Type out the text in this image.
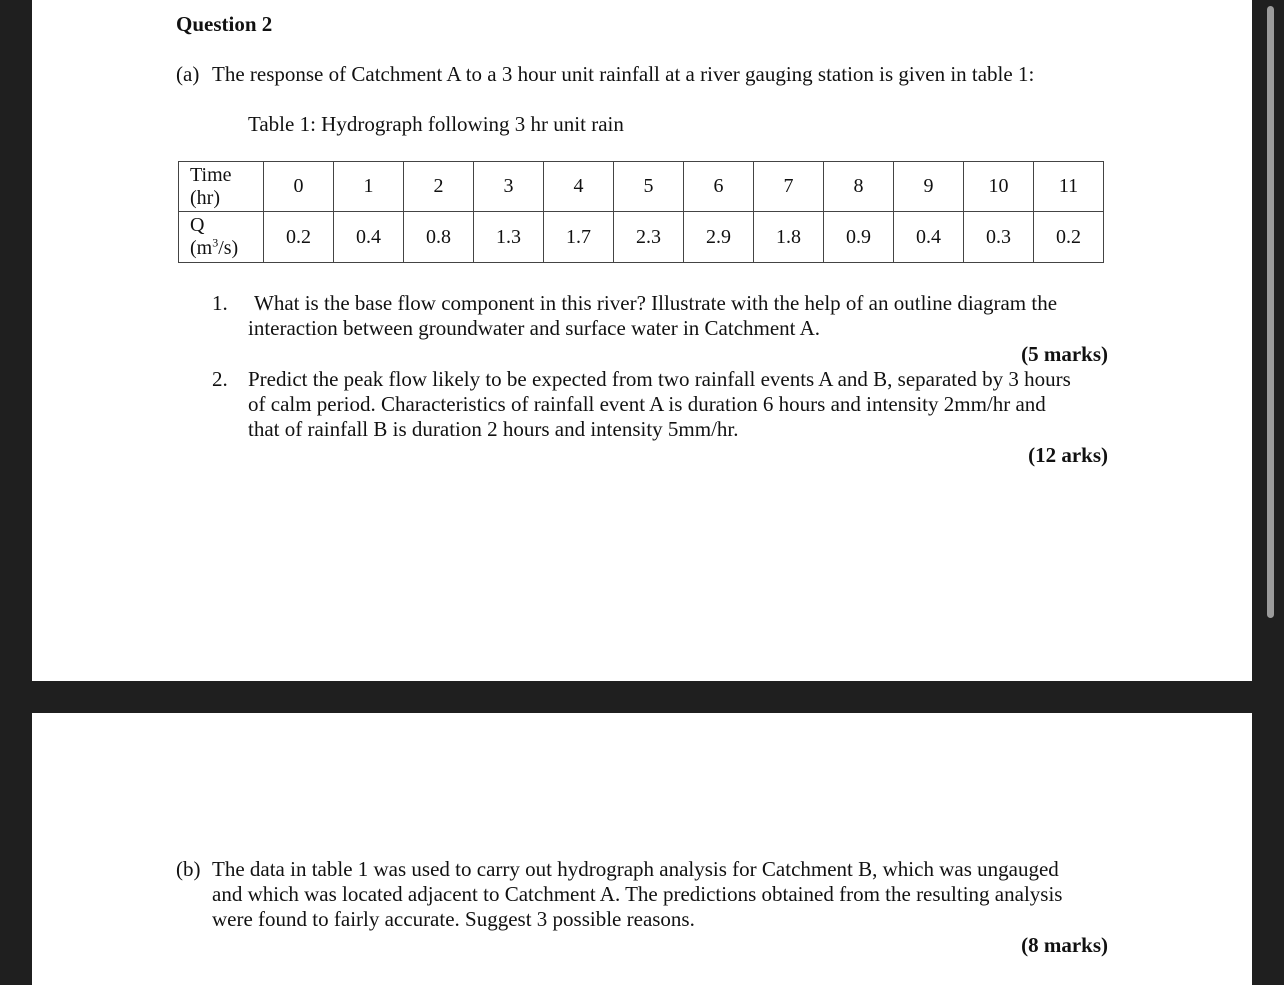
Question 2
(a) The response of Catchment A to a 3 hour unit rainfall at a river gauging station is given in table 1:
Table 1: Hydrograph following 3 hr unit rain
Time
(hr)	0	1	2	3	4	5	6	7	8	9	10	11
Q
$(m^3/s)$	0.2	0.4	0.8	1.3	1.7	2.3	2.9	1.8	0.9	0.4	0.3	0.2
1. What is the base flow component in this river? Illustrate with the help of an outline diagram the
interaction between groundwater and surface water in Catchment A.
(5 marks)
2. Predict the peak flow likely to be expected from two rainfall events A and B, separated by 3 hours
of calm period. Characteristics of rainfall event A is duration 6 hours and intensity 2mm/hr and
that of rainfall B is duration 2 hours and intensity 5mm/hr.
(12 arks)
(b) The data in table 1 was used to carry out hydrograph analysis for Catchment B, which was ungauged
and which was located adjacent to Catchment A. The predictions obtained from the resulting analysis
were found to fairly accurate. Suggest 3 possible reasons.
(8 marks)
